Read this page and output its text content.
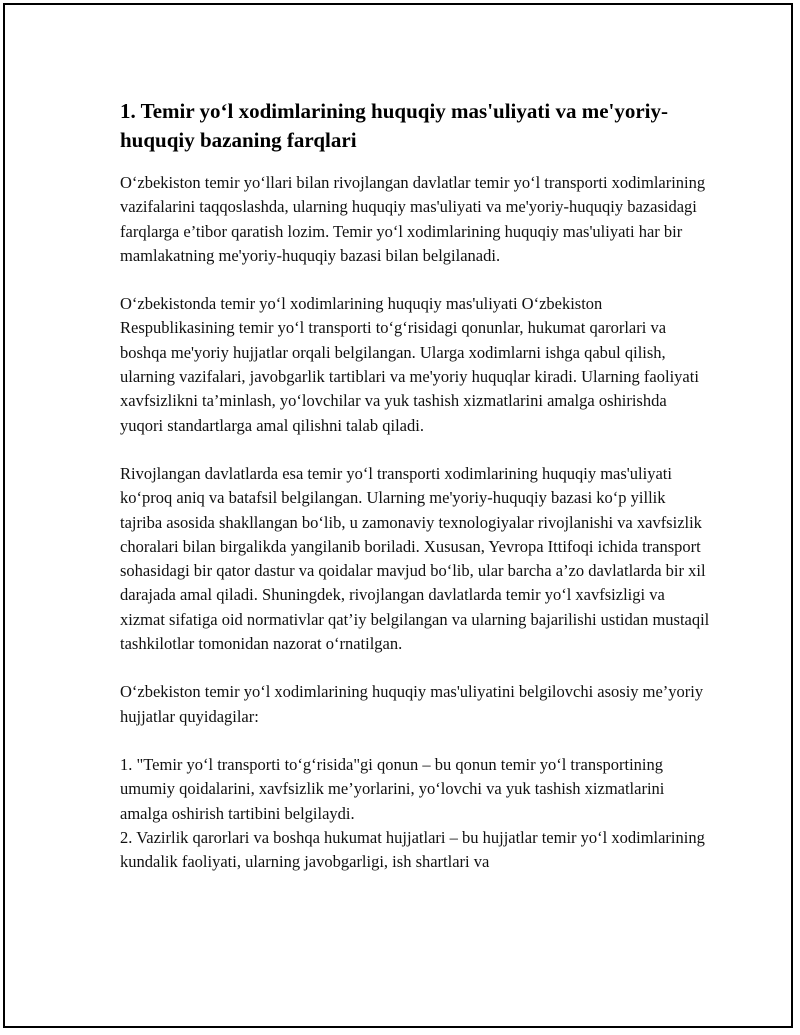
1. Temir yo‘l xodimlarining huquqiy mas'uliyati va me'yoriy-huquqiy bazaning farqlari

O‘zbekiston temir yo‘llari bilan rivojlangan davlatlar temir yo‘l transporti xodimlarining vazifalarini taqqoslashda, ularning huquqiy mas'uliyati va me'yoriy-huquqiy bazasidagi farqlarga e’tibor qaratish lozim. Temir yo‘l xodimlarining huquqiy mas'uliyati har bir mamlakatning me'yoriy-huquqiy bazasi bilan belgilanadi.

O‘zbekistonda temir yo‘l xodimlarining huquqiy mas'uliyati O‘zbekiston Respublikasining temir yo‘l transporti to‘g‘risidagi qonunlar, hukumat qarorlari va boshqa me'yoriy hujjatlar orqali belgilangan. Ularga xodimlarni ishga qabul qilish, ularning vazifalari, javobgarlik tartiblari va me'yoriy huquqlar kiradi. Ularning faoliyati xavfsizlikni ta’minlash, yo‘lovchilar va yuk tashish xizmatlarini amalga oshirishda yuqori standartlarga amal qilishni talab qiladi.

Rivojlangan davlatlarda esa temir yo‘l transporti xodimlarining huquqiy mas'uliyati ko‘proq aniq va batafsil belgilangan. Ularning me'yoriy-huquqiy bazasi ko‘p yillik tajriba asosida shakllangan bo‘lib, u zamonaviy texnologiyalar rivojlanishi va xavfsizlik choralari bilan birgalikda yangilanib boriladi. Xususan, Yevropa Ittifoqi ichida transport sohasidagi bir qator dastur va qoidalar mavjud bo‘lib, ular barcha a’zo davlatlarda bir xil darajada amal qiladi. Shuningdek, rivojlangan davlatlarda temir yo‘l xavfsizligi va xizmat sifatiga oid normativlar qat’iy belgilangan va ularning bajarilishi ustidan mustaqil tashkilotlar tomonidan nazorat o‘rnatilgan.

O‘zbekiston temir yo‘l xodimlarining huquqiy mas'uliyatini belgilovchi asosiy me’yoriy hujjatlar quyidagilar:

1. "Temir yo‘l transporti to‘g‘risida"gi qonun – bu qonun temir yo‘l transportining umumiy qoidalarini, xavfsizlik me’yorlarini, yo‘lovchi va yuk tashish xizmatlarini amalga oshirish tartibini belgilaydi.

2. Vazirlik qarorlari va boshqa hukumat hujjatlari – bu hujjatlar temir yo‘l xodimlarining kundalik faoliyati, ularning javobgarligi, ish shartlari va
